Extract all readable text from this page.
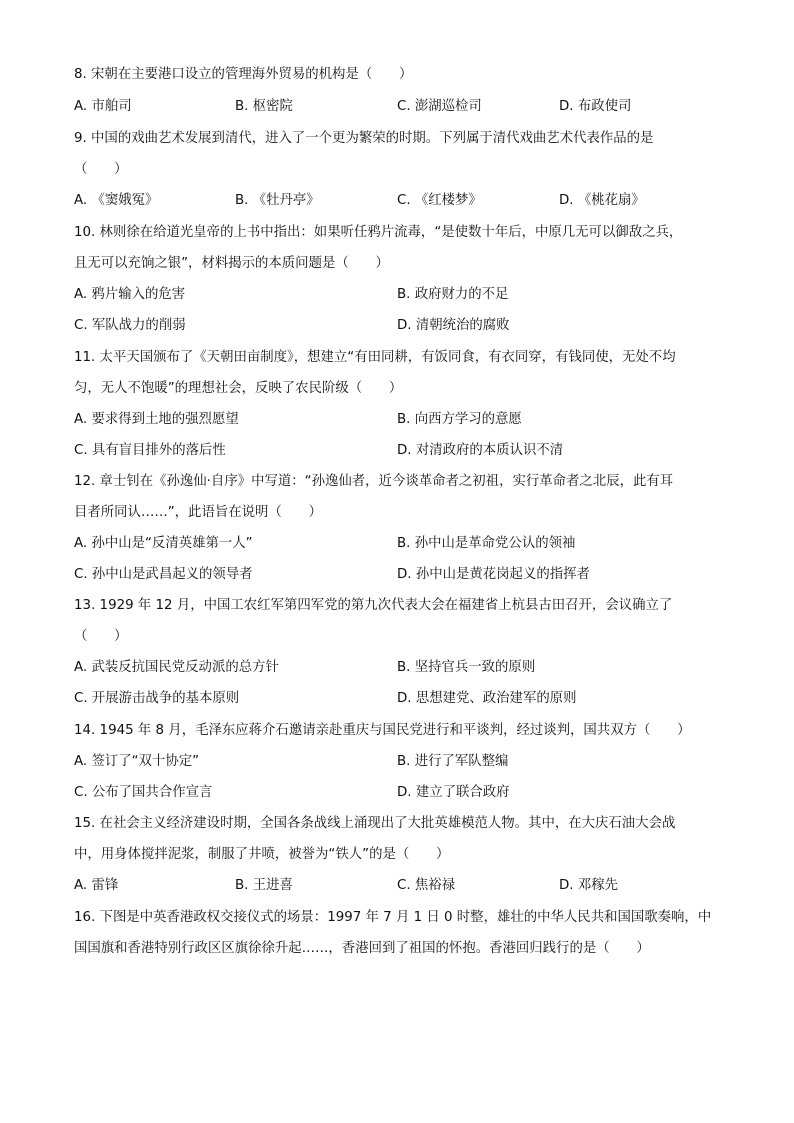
8. 宋朝在主要港口设立的管理海外贸易的机构是（　　）
A. 市舶司	B. 枢密院	C. 澎湖巡检司	D. 布政使司
9. 中国的戏曲艺术发展到清代，进入了一个更为繁荣的时期。下列属于清代戏曲艺术代表作品的是
（　　）
A. 《窦娥冤》	B. 《牡丹亭》	C. 《红楼梦》	D. 《桃花扇》
10. 林则徐在给道光皇帝的上书中指出：如果听任鸦片流毒，“是使数十年后，中原几无可以御敌之兵，
且无可以充饷之银”，材料揭示的本质问题是（　　）
A. 鸦片输入的危害	B. 政府财力的不足
C. 军队战力的削弱	D. 清朝统治的腐败
11. 太平天国颁布了《天朝田亩制度》，想建立“有田同耕，有饭同食，有衣同穿，有钱同使，无处不均
匀，无人不饱暖”的理想社会，反映了农民阶级（　　）
A. 要求得到土地的强烈愿望	B. 向西方学习的意愿
C. 具有盲目排外的落后性	D. 对清政府的本质认识不清
12. 章士钊在《孙逸仙·自序》中写道：“孙逸仙者，近今谈革命者之初祖，实行革命者之北辰，此有耳
目者所同认……”，此语旨在说明（　　）
A. 孙中山是“反清英雄第一人”	B. 孙中山是革命党公认的领袖
C. 孙中山是武昌起义的领导者	D. 孙中山是黄花岗起义的指挥者
13. 1929 年 12 月，中国工农红军第四军党的第九次代表大会在福建省上杭县古田召开，会议确立了
（　　）
A. 武装反抗国民党反动派的总方针	B. 坚持官兵一致的原则
C. 开展游击战争的基本原则	D. 思想建党、政治建军的原则
14. 1945 年 8 月，毛泽东应蒋介石邀请亲赴重庆与国民党进行和平谈判，经过谈判，国共双方（　　）
A. 签订了“双十协定”	B. 进行了军队整编
C. 公布了国共合作宣言	D. 建立了联合政府
15. 在社会主义经济建设时期，全国各条战线上涌现出了大批英雄模范人物。其中，在大庆石油大会战
中，用身体搅拌泥浆，制服了井喷，被誉为“铁人”的是（　　）
A. 雷锋	B. 王进喜	C. 焦裕禄	D. 邓稼先
16. 下图是中英香港政权交接仪式的场景：1997 年 7 月 1 日 0 时整，雄壮的中华人民共和国国歌奏响，中
国国旗和香港特别行政区区旗徐徐升起……，香港回到了祖国的怀抱。香港回归践行的是（　　）
